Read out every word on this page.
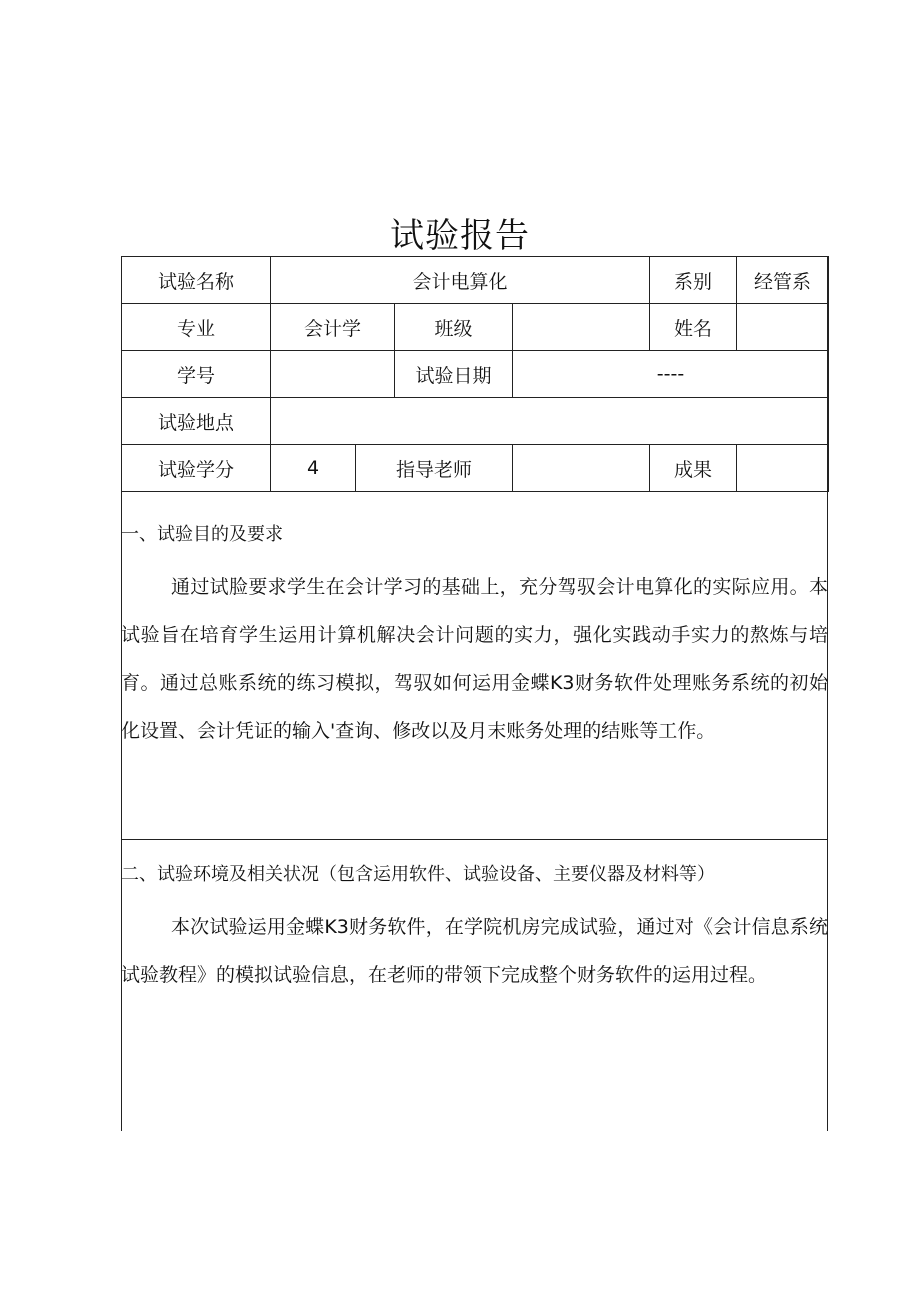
试验报告
试验名称	会计电算化				系别	经管系
专业	会计学		班级		姓名	
学号			试验日期	----		
试验地点						
试验学分	4	指导老师			成果	

一、试验目的及要求

通过试脸要求学生在会计学习的基础上，充分驾驭会计电算化的实际应用。本试验旨在培育学生运用计算机解决会计问题的实力，强化实践动手实力的熬炼与培育。通过总账系统的练习模拟，驾驭如何运用金蝶K3财务软件处理账务系统的初始化设置、会计凭证的输入'查询、修改以及月末账务处理的结账等工作。

二、试验环境及相关状况（包含运用软件、试验设备、主要仪器及材料等）

本次试验运用金蝶K3财务软件，在学院机房完成试验，通过对《会计信息系统试验教程》的模拟试验信息，在老师的带领下完成整个财务软件的运用过程。
